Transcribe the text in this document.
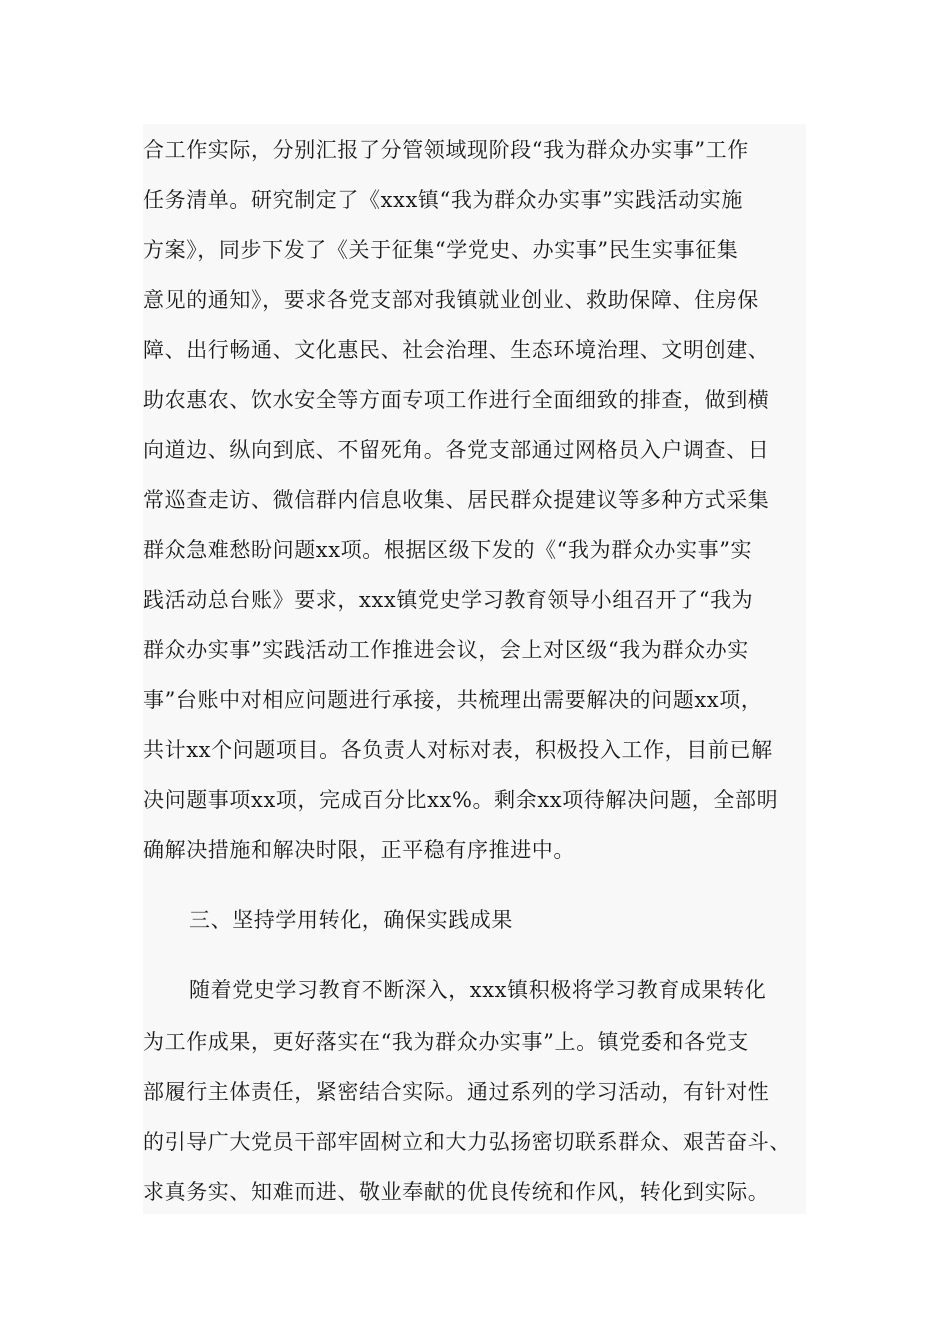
合工作实际，分别汇报了分管领域现阶段“我为群众办实事”工作
任务清单。研究制定了《xxx镇“我为群众办实事”实践活动实施
方案》，同步下发了《关于征集“学党史、办实事”民生实事征集
意见的通知》，要求各党支部对我镇就业创业、救助保障、住房保
障、出行畅通、文化惠民、社会治理、生态环境治理、文明创建、
助农惠农、饮水安全等方面专项工作进行全面细致的排查，做到横
向道边、纵向到底、不留死角。各党支部通过网格员入户调查、日
常巡查走访、微信群内信息收集、居民群众提建议等多种方式采集
群众急难愁盼问题xx项。根据区级下发的《“我为群众办实事”实
践活动总台账》要求，xxx镇党史学习教育领导小组召开了“我为
群众办实事”实践活动工作推进会议，会上对区级“我为群众办实
事”台账中对相应问题进行承接，共梳理出需要解决的问题xx项，
共计xx个问题项目。各负责人对标对表，积极投入工作，目前已解
决问题事项xx项，完成百分比xx%。剩余xx项待解决问题，全部明
确解决措施和解决时限，正平稳有序推进中。
三、坚持学用转化，确保实践成果
随着党史学习教育不断深入，xxx镇积极将学习教育成果转化
为工作成果，更好落实在“我为群众办实事”上。镇党委和各党支
部履行主体责任，紧密结合实际。通过系列的学习活动，有针对性
的引导广大党员干部牢固树立和大力弘扬密切联系群众、艰苦奋斗、
求真务实、知难而进、敬业奉献的优良传统和作风，转化到实际。
